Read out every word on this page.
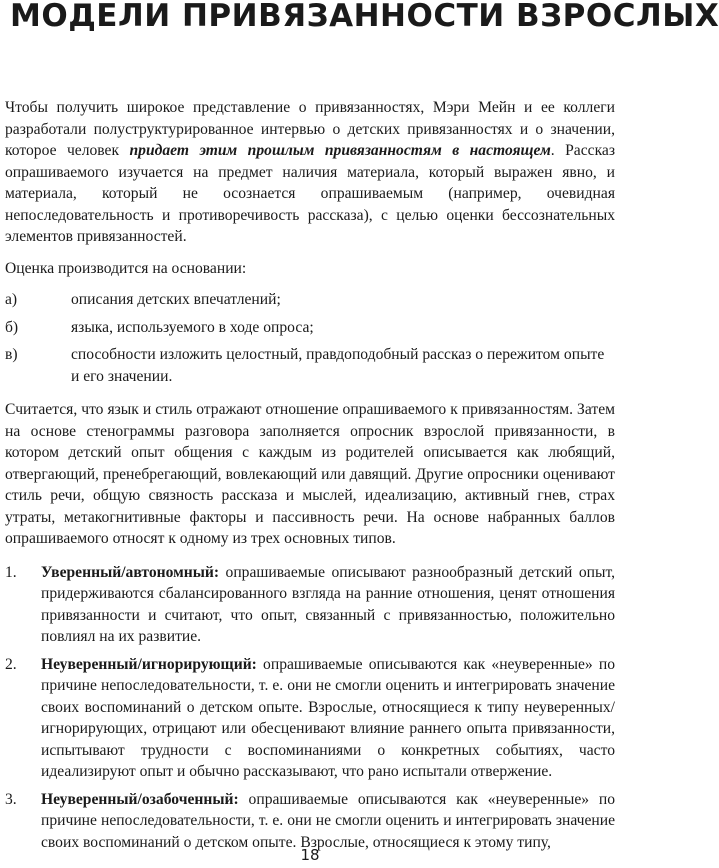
МОДЕЛИ ПРИВЯЗАННОСТИ ВЗРОСЛЫХ

Чтобы получить широкое представление о привязанностях, Мэри Мейн и ее коллеги разработали полуструктурированное интервью о детских привязанностях и о значении, которое человек придает этим прошлым привязанностям в настоящем. Рассказ опрашиваемого изучается на предмет наличия материала, который выражен явно, и материала, который не осознается опрашиваемым (например, очевидная непоследовательность и противоречивость рассказа), с целью оценки бессознательных элементов привязанностей.

Оценка производится на основании:

а)	описания детских впечатлений;
б)	языка, используемого в ходе опроса;
в)	способности изложить целостный, правдоподобный рассказ о пережитом опыте и его значении.

Считается, что язык и стиль отражают отношение опрашиваемого к привязанностям. Затем на основе стенограммы разговора заполняется опросник взрослой привязанности, в котором детский опыт общения с каждым из родителей описывается как любящий, отвергающий, пренебрегающий, вовлекающий или давящий. Другие опросники оценивают стиль речи, общую связность рассказа и мыслей, идеализацию, активный гнев, страх утраты, метакогнитивные факторы и пассивность речи. На основе набранных баллов опрашиваемого относят к одному из трех основных типов.

1.	Уверенный/автономный: опрашиваемые описывают разнообразный детский опыт, придерживаются сбалансированного взгляда на ранние отношения, ценят отношения привязанности и считают, что опыт, связанный с привязанностью, положительно повлиял на их развитие.
2.	Неуверенный/игнорирующий: опрашиваемые описываются как «неуверенные» по причине непоследовательности, т. е. они не смогли оценить и интегрировать значение своих воспоминаний о детском опыте. Взрослые, относящиеся к типу неуверенных/игнорирующих, отрицают или обесценивают влияние раннего опыта привязанности, испытывают трудности с воспоминаниями о конкретных событиях, часто идеализируют опыт и обычно рассказывают, что рано испытали отвержение.
3.	Неуверенный/озабоченный: опрашиваемые описываются как «неуверенные» по причине непоследовательности, т. е. они не смогли оценить и интегрировать значение своих воспоминаний о детском опыте. Взрослые, относящиеся к этому типу,
18
